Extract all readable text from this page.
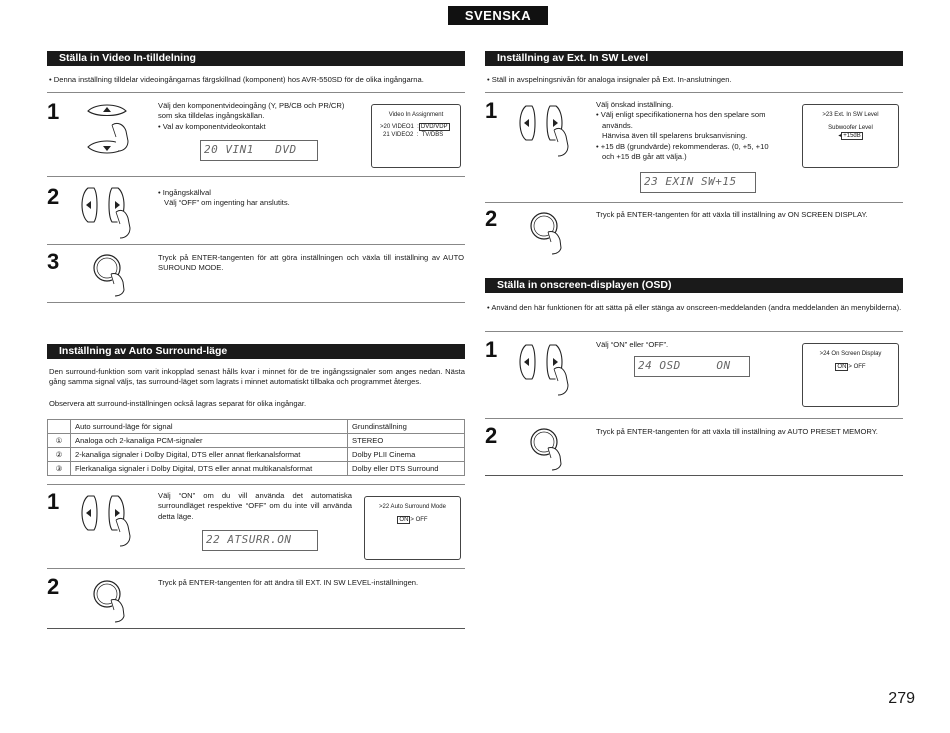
SVENSKA
Ställa in Video In-tilldelning
• Denna inställning tilldelar videoingångarnas färgskillnad (komponent) hos AVR-550SD för de olika ingångarna.
1	Välj den komponentvideoingång (Y, PB/CB och PR/CR)
som ska tilldelas ingångskällan.
• Val av komponentvideokontakt
20 VIN1   DVD
Video In Assignment
>20 VIDEO1  : DVD/VDP
21 VIDEO2  :  TV/DBS
2	• Ingångskällval
Välj “OFF” om ingenting har anslutits.
3	Tryck på ENTER-tangenten för att göra inställningen och växla till inställning av AUTO SUROUND MODE.
Inställning av Auto Surround-läge
Den surround-funktion som varit inkopplad senast hålls kvar i minnet för de tre ingångssignaler som anges nedan. Nästa gång samma signal väljs, tas surround-läget som lagrats i minnet automatiskt tillbaka och programmet återges.
Observera att surround-inställningen också lagras separat för olika ingångar.
	Auto surround-läge för signal	Grundinställning
①	Analoga och 2-kanaliga PCM-signaler	STEREO
②	2-kanaliga signaler i Dolby Digital, DTS eller annat flerkanalsformat	Dolby PLII Cinema
③	Flerkanaliga signaler i Dolby Digital, DTS eller annat multikanalsformat	Dolby eller DTS Surround
1	Välj “ON” om du vill använda det automatiska surroundläget respektive “OFF” om du inte vill använda detta läge.
22 ATSURR.ON
>22 Auto Surround Mode
ON > OFF
2	Tryck på ENTER-tangenten för att ändra till EXT. IN SW LEVEL-inställningen.
Inställning av Ext. In SW Level
• Ställ in avspelningsnivån för analoga insignaler på Ext. In-anslutningen.
1	Välj önskad inställning.
• Välj enligt specifikationerna hos den spelare som
används.
Hänvisa även till spelarens bruksanvisning.
• +15 dB (grundvärde) rekommenderas. (0, +5, +10
och +15 dB går att välja.)
23 EXIN SW+15
>23 Ext. In SW Level
Subwoofer Level
◂ +15dB
2	Tryck på ENTER-tangenten för att växla till inställning av ON SCREEN DISPLAY.
Ställa in onscreen-displayen (OSD)
• Använd den här funktionen för att sätta på eller stänga av onscreen-meddelanden (andra meddelanden än menybilderna).
1	Välj “ON” eller “OFF”.
24 OSD     ON
>24 On Screen Display
ON > OFF
2	Tryck på ENTER-tangenten för att växla till inställning av AUTO PRESET MEMORY.
279
